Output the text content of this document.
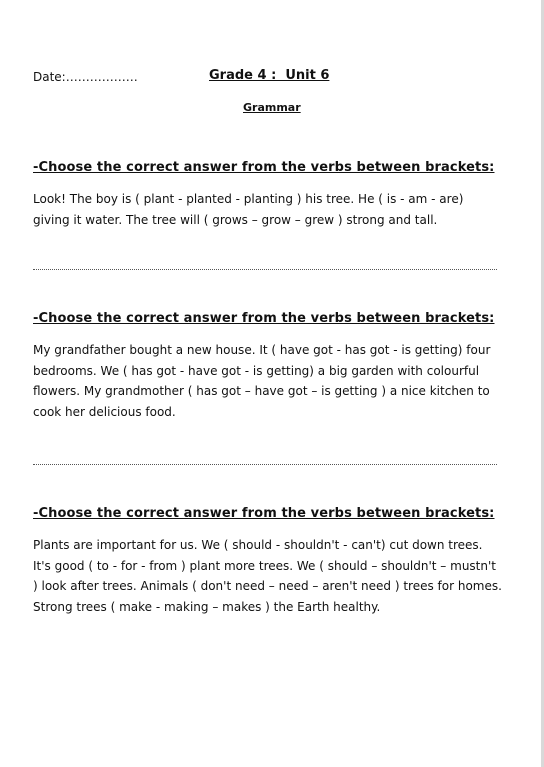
Date:………………	Grade 4 :  Unit 6
Grammar
-Choose the correct answer from the verbs between brackets:

Look! The boy is ( plant - planted - planting ) his tree. He ( is - am - are) giving it water. The tree will ( grows – grow – grew ) strong and tall.

-Choose the correct answer from the verbs between brackets:

My grandfather bought a new house. It ( have got - has got - is getting) four bedrooms. We ( has got - have got - is getting) a big garden with colourful flowers. My grandmother ( has got – have got – is getting ) a nice kitchen to cook her delicious food.

-Choose the correct answer from the verbs between brackets:

Plants are important for us. We ( should - shouldn't - can't) cut down trees. It's good ( to - for - from ) plant more trees. We ( should – shouldn't – mustn't ) look after trees. Animals ( don't need – need – aren't need ) trees for homes. Strong trees ( make - making – makes ) the Earth healthy.
